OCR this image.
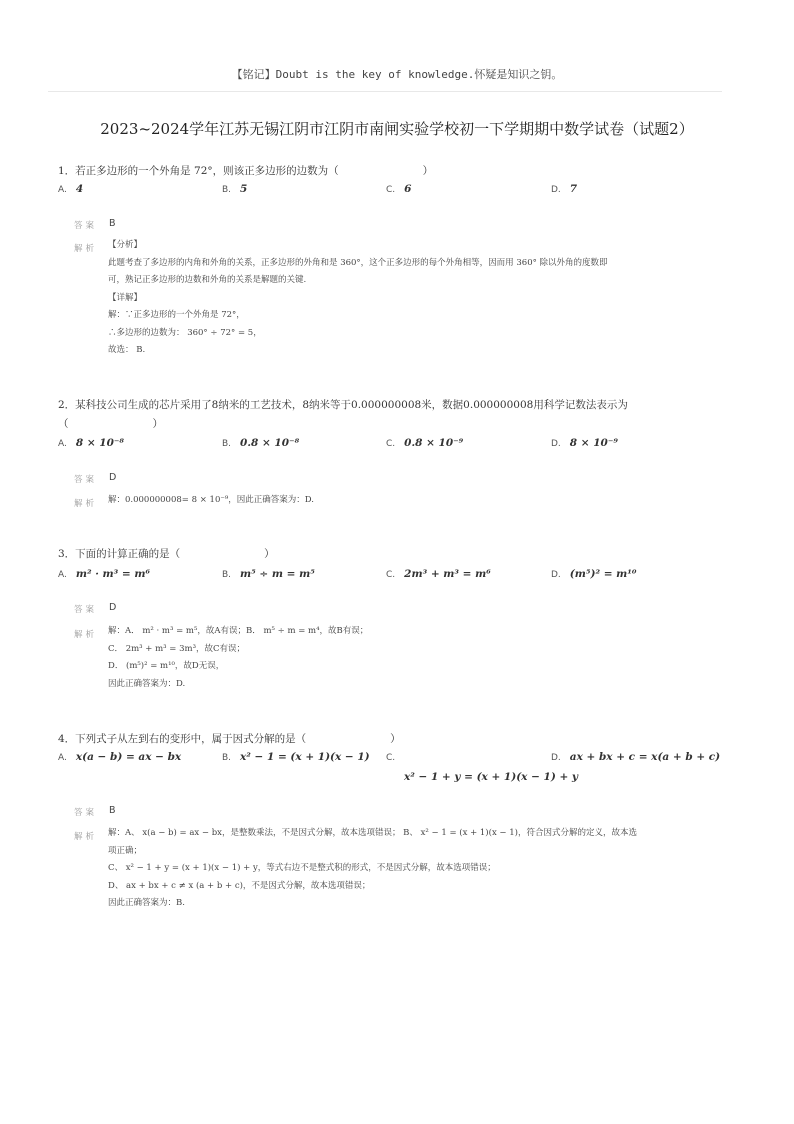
【铭记】Doubt is the key of knowledge.怀疑是知识之钥。
2023~2024学年江苏无锡江阴市江阴市南闸实验学校初一下学期期中数学试卷（试题2）
1．若正多边形的一个外角是 72°，则该正多边形的边数为（　　　　　　　　）
A. 4	B. 5	C. 6	D. 7
答案 B
解析 【分析】

此题考查了多边形的内角和外角的关系，正多边形的外角和是 360°，这个正多边形的每个外角相等，因而用 360° 除以外角的度数即

可，熟记正多边形的边数和外角的关系是解题的关键.

【详解】

解：∵正多边形的一个外角是 72°，

∴多边形的边数为： 360° ÷ 72° = 5，

故选： B.

2．某科技公司生成的芯片采用了8纳米的工艺技术，8纳米等于0.000000008米，数据0.000000008用科学记数法表示为
（　　　　　　　　）
A. 8 × 10⁻⁸	B. 0.8 × 10⁻⁸	C. 0.8 × 10⁻⁹	D. 8 × 10⁻⁹
答案 D
解析 解：0.000000008= 8 × 10⁻⁹，因此正确答案为：D.

3．下面的计算正确的是（　　　　　　　　）
A. m² · m³ = m⁶	B. m⁵ ÷ m = m⁵	C. 2m³ + m³ = m⁶	D. (m⁵)² = m¹⁰
答案 D
解析 解：A． m² · m³ = m⁵，故A有误；B． m⁵ ÷ m = m⁴，故B有误；

C． 2m³ + m³ = 3m³，故C有误；

D． (m⁵)² = m¹⁰，故D无误，

因此正确答案为：D.

4．下列式子从左到右的变形中，属于因式分解的是（　　　　　　　　）
A. x(a − b) = ax − bx	B. x² − 1 = (x + 1)(x − 1) C.
x² − 1 + y = (x + 1)(x − 1) + y
D. ax + bx + c = x(a + b + c)
答案 B
解析 解：A、 x(a − b) = ax − bx，是整数乘法，不是因式分解，故本选项错误； B、 x² − 1 = (x + 1)(x − 1)，符合因式分解的定义，故本选

项正确；

C、 x² − 1 + y = (x + 1)(x − 1) + y，等式右边不是整式积的形式，不是因式分解，故本选项错误；

D、 ax + bx + c ≠ x (a + b + c)，不是因式分解，故本选项错误；

因此正确答案为：B.
